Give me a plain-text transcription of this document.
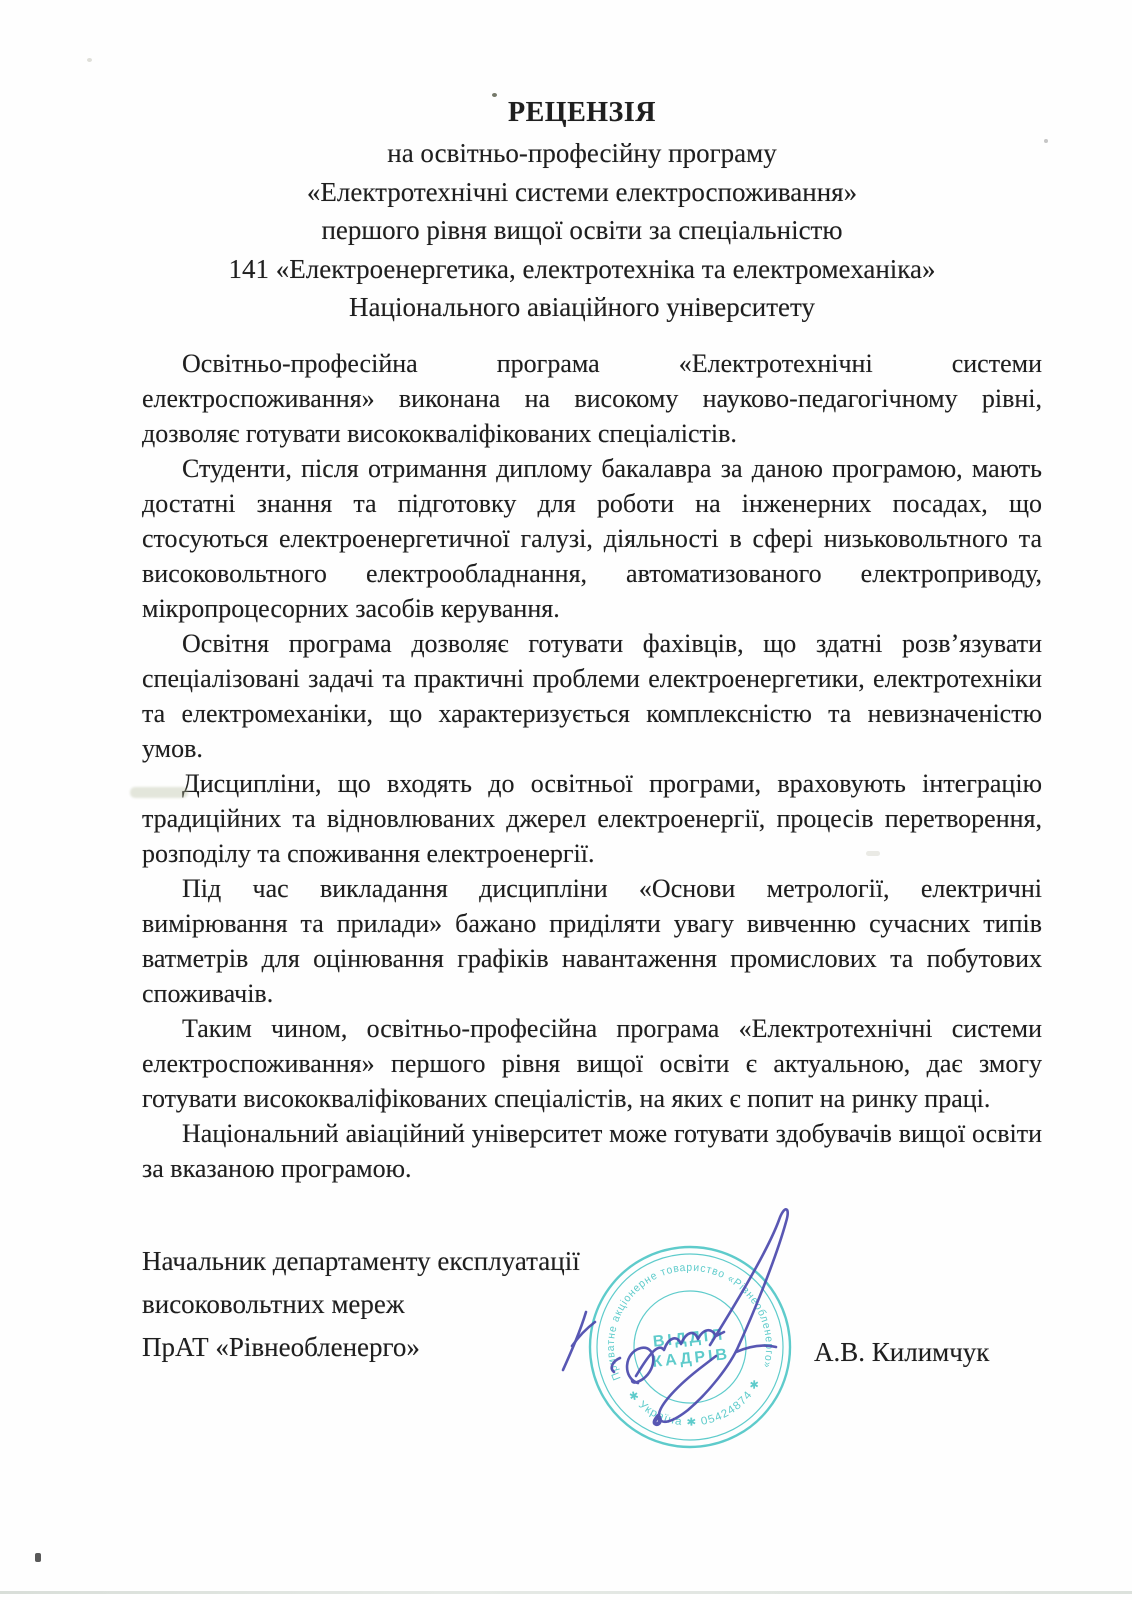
РЕЦЕНЗІЯ
на освітньо-професійну програму
«Електротехнічні системи електроспоживання»
першого рівня вищої освіти за спеціальністю
141 «Електроенергетика, електротехніка та електромеханіка»
Національного авіаційного університету

Освітньо-професійна програма «Електротехнічні системи електроспоживання» виконана на високому науково-педагогічному рівні, дозволяє готувати висококваліфікованих спеціалістів.

Студенти, після отримання диплому бакалавра за даною програмою, мають достатні знання та підготовку для роботи на інженерних посадах, що стосуються електроенергетичної галузі, діяльності в сфері низьковольтного та високовольтного електрообладнання, автоматизованого електроприводу, мікропроцесорних засобів керування.

Освітня програма дозволяє готувати фахівців, що здатні розв’язувати спеціалізовані задачі та практичні проблеми електроенергетики, електротехніки та електромеханіки, що характеризується комплексністю та невизначеністю умов.

Дисципліни, що входять до освітньої програми, враховують інтеграцію традиційних та відновлюваних джерел електроенергії, процесів перетворення, розподілу та споживання електроенергії.

Під час викладання дисципліни «Основи метрології, електричні вимірювання та прилади» бажано приділяти увагу вивченню сучасних типів ватметрів для оцінювання графіків навантаження промислових та побутових споживачів.

Таким чином, освітньо-професійна програма «Електротехнічні системи електроспоживання» першого рівня вищої освіти є актуальною, дає змогу готувати висококваліфікованих спеціалістів, на яких є попит на ринку праці.

Національний авіаційний університет може готувати здобувачів вищої освіти за вказаною програмою.

Начальник департаменту експлуатації
високовольтних мереж
ПрАТ «Рівнеобленерго»	А.В. Килимчук
Приватне акціонерне товариство «Рівнеобленерго»
✱ Україна ✱ 05424874 ✱
ВІДДІЛ
КАДРІВ
